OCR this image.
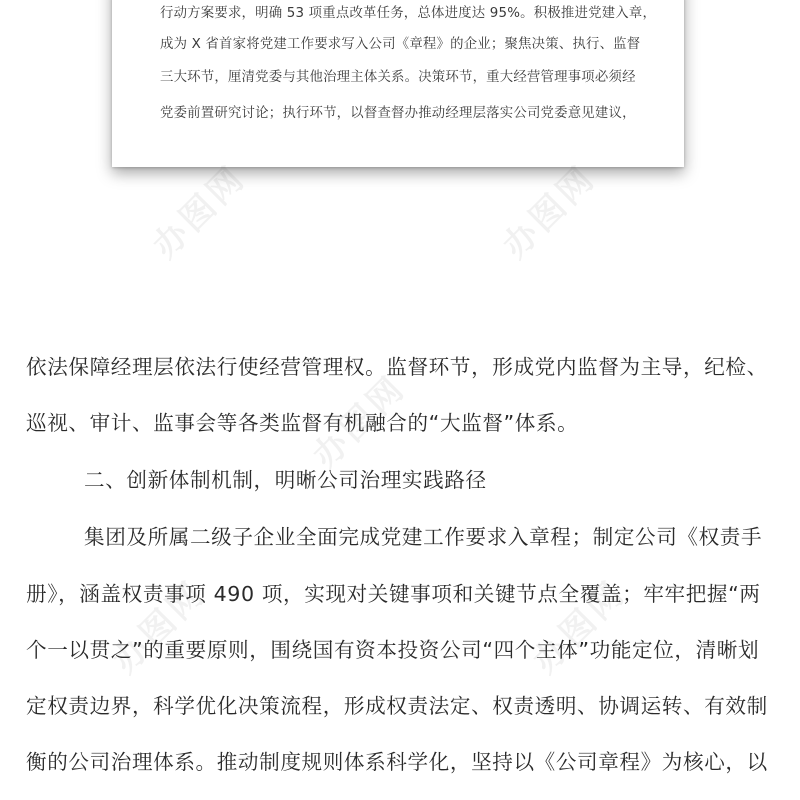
行动方案要求，明确 53 项重点改革任务，总体进度达 95%。积极推进党建入章，
成为 X 省首家将党建工作要求写入公司《章程》的企业；聚焦决策、执行、监督
三大环节，厘清党委与其他治理主体关系。决策环节，重大经营管理事项必须经
党委前置研究讨论；执行环节，以督查督办推动经理层落实公司党委意见建议，
办图网	办图网
办图网
办图网	办图网
依法保障经理层依法行使经营管理权。监督环节，形成党内监督为主导，纪检、
巡视、审计、监事会等各类监督有机融合的“大监督”体系。
二、创新体制机制，明晰公司治理实践路径
集团及所属二级子企业全面完成党建工作要求入章程；制定公司《权责手
册》，涵盖权责事项 490 项，实现对关键事项和关键节点全覆盖；牢牢把握“两
个一以贯之”的重要原则，围绕国有资本投资公司“四个主体”功能定位，清晰划
定权责边界，科学优化决策流程，形成权责法定、权责透明、协调运转、有效制
衡的公司治理体系。推动制度规则体系科学化，坚持以《公司章程》为核心，以
